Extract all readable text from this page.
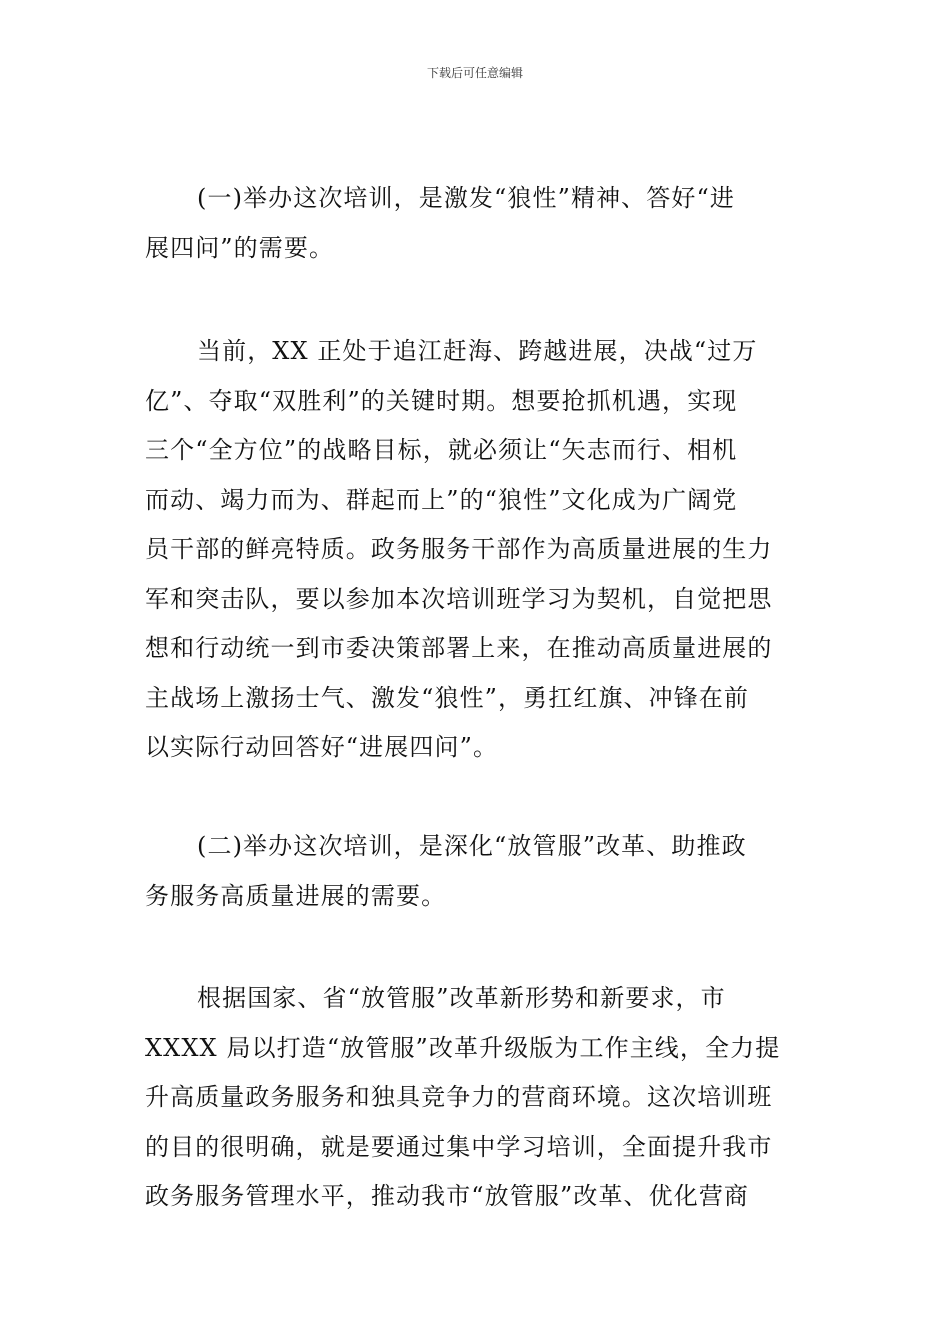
下载后可任意编辑
(一)举办这次培训，是激发“狼性”精神、答好“进
展四问”的需要。
当前，XX 正处于追江赶海、跨越进展，决战“过万
亿”、夺取“双胜利”的关键时期。想要抢抓机遇，实现
三个“全方位”的战略目标，就必须让“矢志而行、相机
而动、竭力而为、群起而上”的“狼性”文化成为广阔党
员干部的鲜亮特质。政务服务干部作为高质量进展的生力
军和突击队，要以参加本次培训班学习为契机，自觉把思
想和行动统一到市委决策部署上来，在推动高质量进展的
主战场上激扬士气、激发“狼性”，勇扛红旗、冲锋在前
以实际行动回答好“进展四问”。
(二)举办这次培训，是深化“放管服”改革、助推政
务服务高质量进展的需要。
根据国家、省“放管服”改革新形势和新要求，市
XXXX 局以打造“放管服”改革升级版为工作主线，全力提
升高质量政务服务和独具竞争力的营商环境。这次培训班
的目的很明确，就是要通过集中学习培训，全面提升我市
政务服务管理水平，推动我市“放管服”改革、优化营商
